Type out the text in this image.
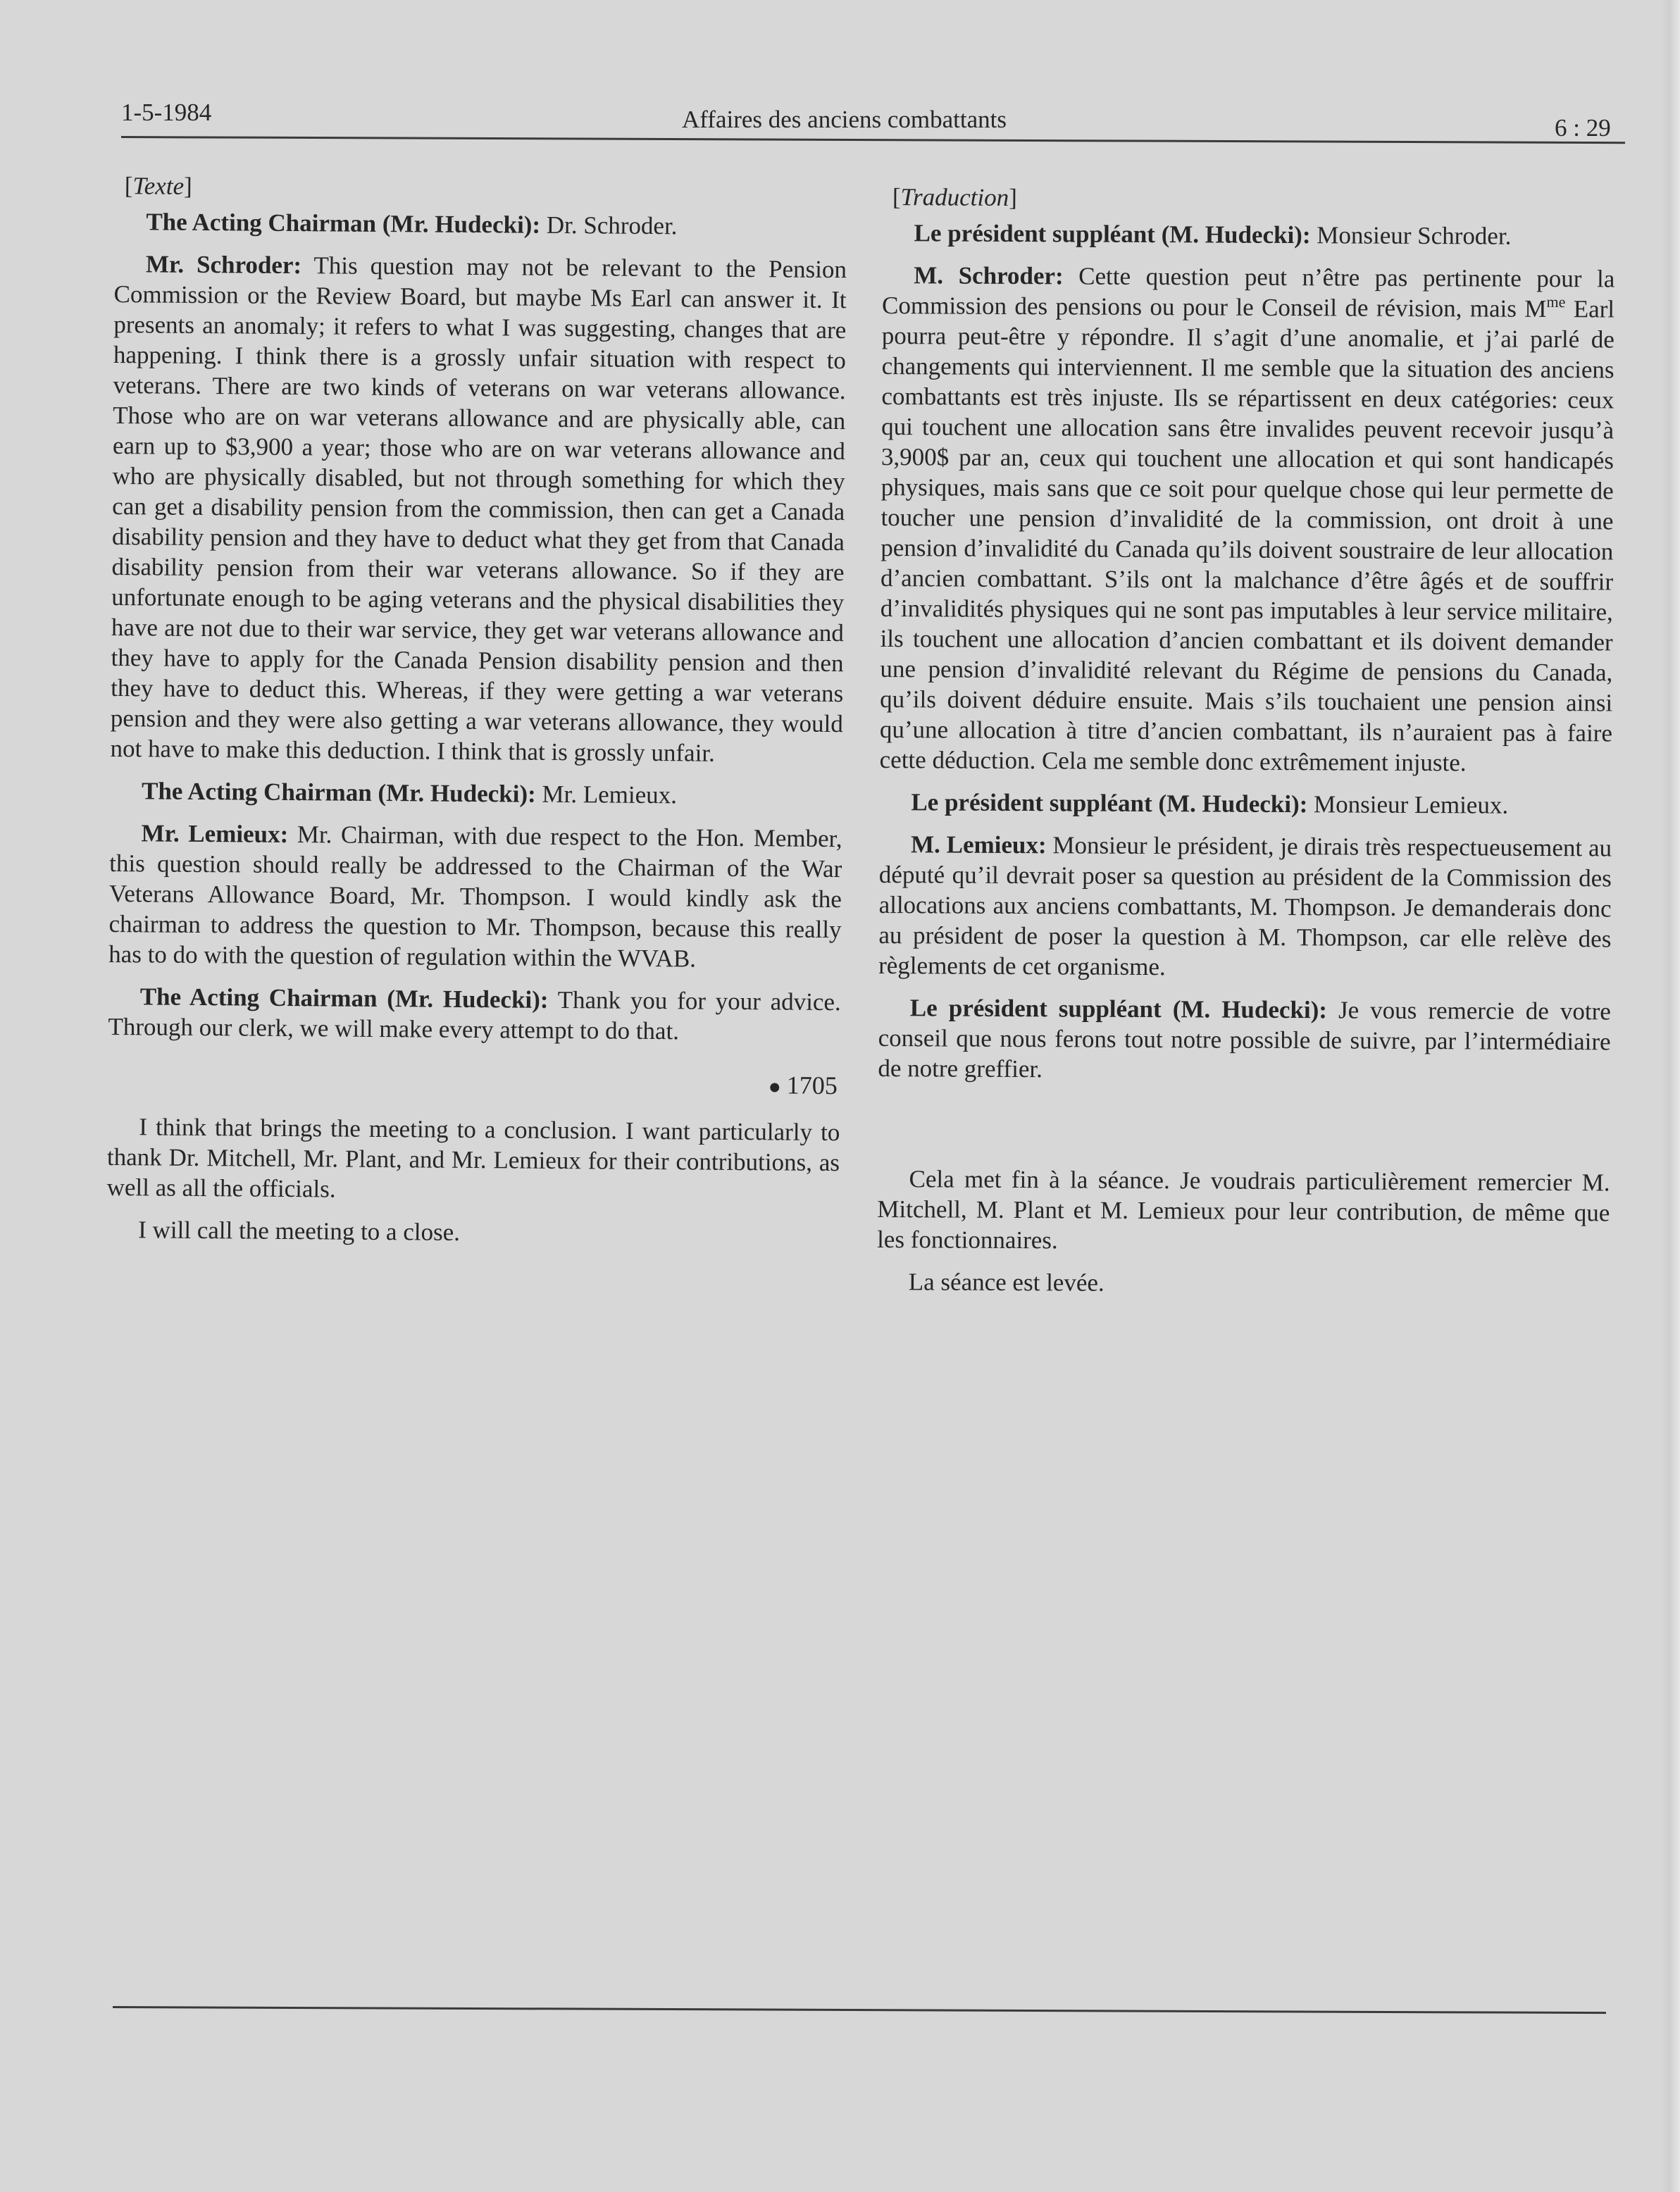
1-5-1984	Affaires des anciens combattants	6 : 29

[Texte]

The Acting Chairman (Mr. Hudecki): Dr. Schroder.

Mr. Schroder: This question may not be relevant to the Pension Commission or the Review Board, but maybe Ms Earl can answer it. It presents an anomaly; it refers to what I was suggesting, changes that are happening. I think there is a grossly unfair situation with respect to veterans. There are two kinds of veterans on war veterans allowance. Those who are on war veterans allowance and are physically able, can earn up to $3,900 a year; those who are on war veterans allowance and who are physically disabled, but not through something for which they can get a disability pension from the commission, then can get a Canada disability pension and they have to deduct what they get from that Canada disability pension from their war veterans allowance. So if they are unfortunate enough to be aging veterans and the physical disabilities they have are not due to their war service, they get war veterans allowance and they have to apply for the Canada Pension disability pension and then they have to deduct this. Whereas, if they were getting a war veterans pension and they were also getting a war veterans allowance, they would not have to make this deduction. I think that is grossly unfair.

The Acting Chairman (Mr. Hudecki): Mr. Lemieux.

Mr. Lemieux: Mr. Chairman, with due respect to the Hon. Member, this question should really be addressed to the Chairman of the War Veterans Allowance Board, Mr. Thompson. I would kindly ask the chairman to address the question to Mr. Thompson, because this really has to do with the question of regulation within the WVAB.

The Acting Chairman (Mr. Hudecki): Thank you for your advice. Through our clerk, we will make every attempt to do that.

● 1705

I think that brings the meeting to a conclusion. I want particularly to thank Dr. Mitchell, Mr. Plant, and Mr. Lemieux for their contributions, as well as all the officials.

I will call the meeting to a close.

[Traduction]

Le président suppléant (M. Hudecki): Monsieur Schroder.

M. Schroder: Cette question peut n’être pas pertinente pour la Commission des pensions ou pour le Conseil de révision, mais $M^{me}$ Earl pourra peut-être y répondre. Il s’agit d’une anomalie, et j’ai parlé de changements qui interviennent. Il me semble que la situation des anciens combattants est très injuste. Ils se répartissent en deux catégories: ceux qui touchent une allocation sans être invalides peuvent recevoir jusqu’à 3,900$ par an, ceux qui touchent une allocation et qui sont handicapés physiques, mais sans que ce soit pour quelque chose qui leur permette de toucher une pension d’invalidité de la commission, ont droit à une pension d’invalidité du Canada qu’ils doivent soustraire de leur allocation d’ancien combattant. S’ils ont la malchance d’être âgés et de souffrir d’invalidités physiques qui ne sont pas imputables à leur service militaire, ils touchent une allocation d’ancien combattant et ils doivent demander une pension d’invalidité relevant du Régime de pensions du Canada, qu’ils doivent déduire ensuite. Mais s’ils touchaient une pension ainsi qu’une allocation à titre d’ancien combattant, ils n’auraient pas à faire cette déduction. Cela me semble donc extrêmement injuste.

Le président suppléant (M. Hudecki): Monsieur Lemieux.

M. Lemieux: Monsieur le président, je dirais très respectueusement au député qu’il devrait poser sa question au président de la Commission des allocations aux anciens combattants, M. Thompson. Je demanderais donc au président de poser la question à M. Thompson, car elle relève des règlements de cet organisme.

Le président suppléant (M. Hudecki): Je vous remercie de votre conseil que nous ferons tout notre possible de suivre, par l’intermédiaire de notre greffier.

Cela met fin à la séance. Je voudrais particulièrement remercier M. Mitchell, M. Plant et M. Lemieux pour leur contribution, de même que les fonctionnaires.

La séance est levée.
